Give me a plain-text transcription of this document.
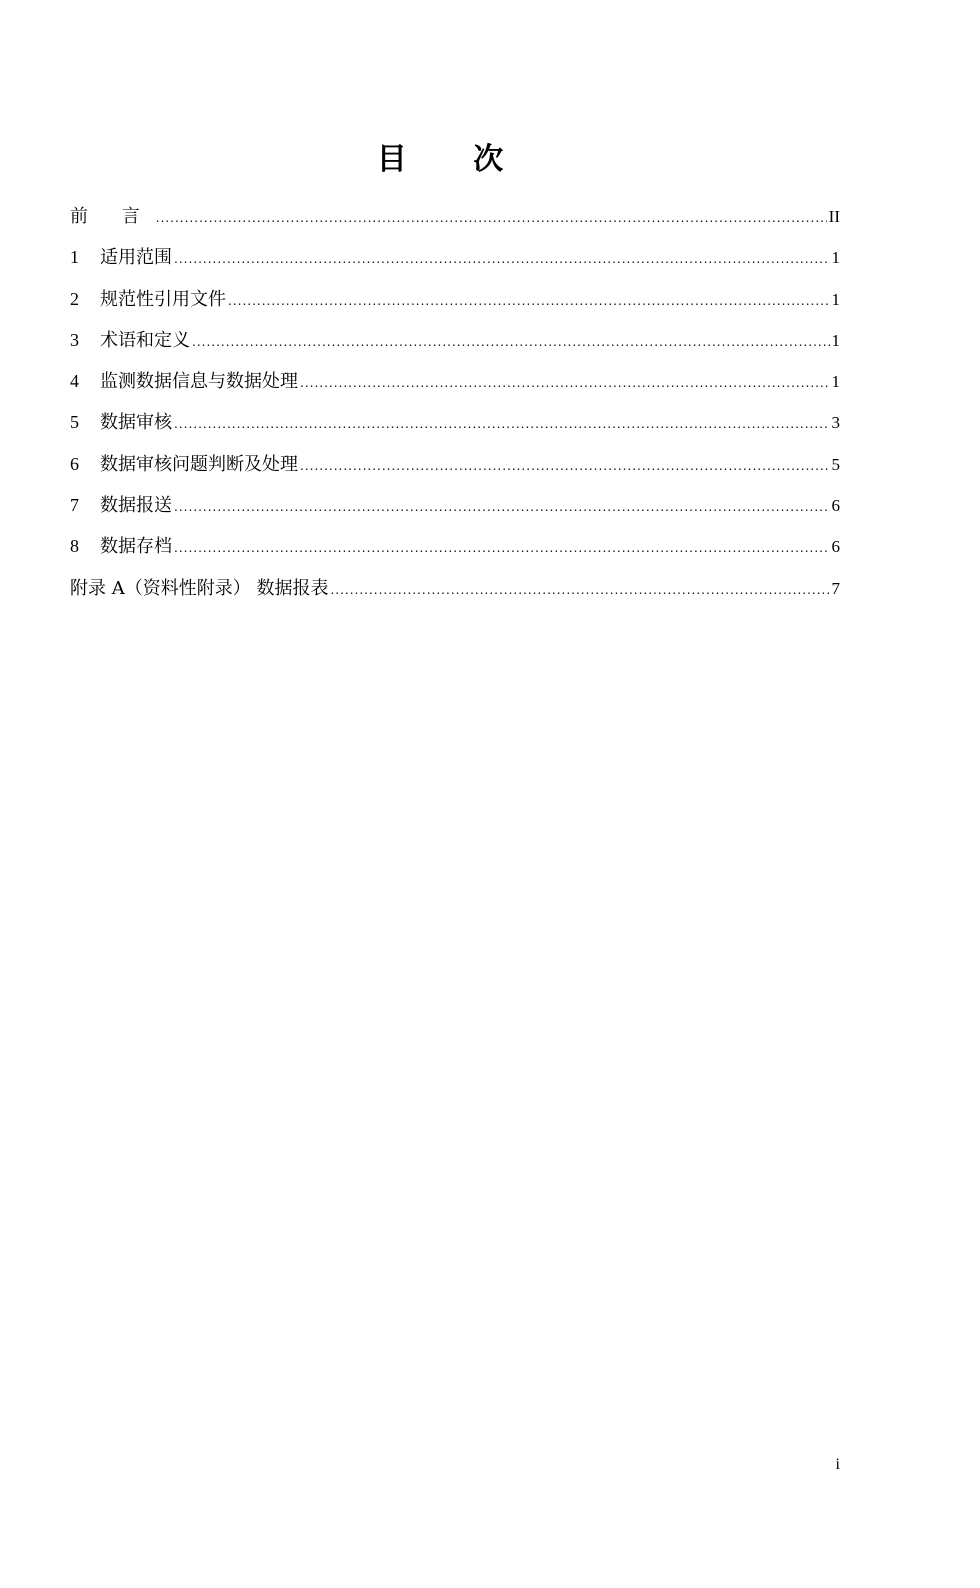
目 次
前 言 .....	II
1	适用范围 .....	1
2	规范性引用文件 .....	1
3	术语和定义 .....	1
4	监测数据信息与数据处理 .....	1
5	数据审核 .....	3
6	数据审核问题判断及处理 .....	5
7	数据报送 .....	6
8	数据存档 .....	6
附录 A（资料性附录） 数据报表 .....	7
i
